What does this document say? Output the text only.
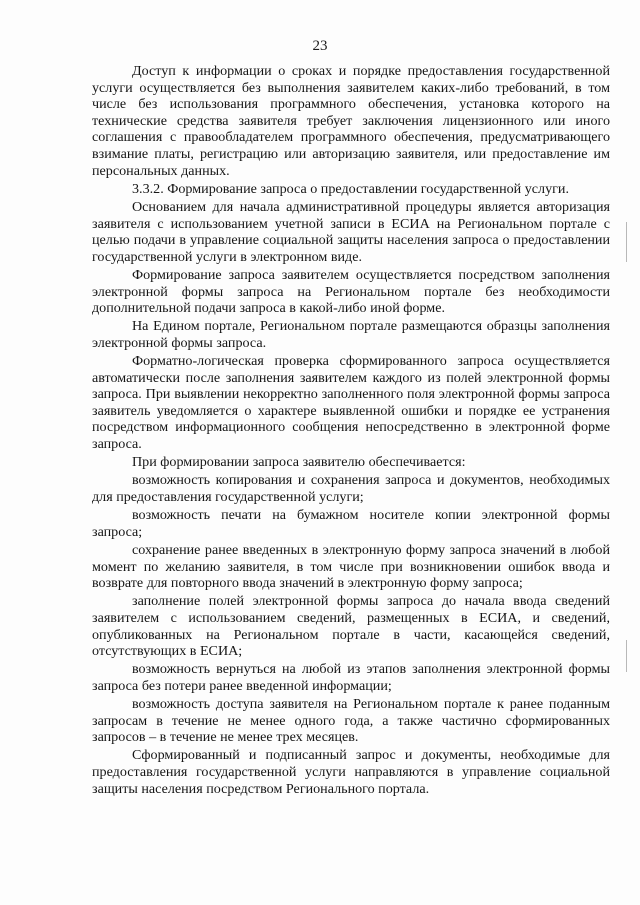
23

Доступ к информации о сроках и порядке предоставления государственной услуги осуществляется без выполнения заявителем каких-либо требований, в том числе без использования программного обеспечения, установка которого на технические средства заявителя требует заключения лицензионного или иного соглашения с правообладателем программного обеспечения, предусматривающего взимание платы, регистрацию или авторизацию заявителя, или предоставление им персональных данных.

3.3.2. Формирование запроса о предоставлении государственной услуги.

Основанием для начала административной процедуры является авторизация заявителя с использованием учетной записи в ЕСИА на Региональном портале с целью подачи в управление социальной защиты населения запроса о предоставлении государственной услуги в электронном виде.

Формирование запроса заявителем осуществляется посредством заполнения электронной формы запроса на Региональном портале без необходимости дополнительной подачи запроса в какой-либо иной форме.

На Едином портале, Региональном портале размещаются образцы заполнения электронной формы запроса.

Форматно-логическая проверка сформированного запроса осуществляется автоматически после заполнения заявителем каждого из полей электронной формы запроса. При выявлении некорректно заполненного поля электронной формы запроса заявитель уведомляется о характере выявленной ошибки и порядке ее устранения посредством информационного сообщения непосредственно в электронной форме запроса.

При формировании запроса заявителю обеспечивается:

возможность копирования и сохранения запроса и документов, необходимых для предоставления государственной услуги;

возможность печати на бумажном носителе копии электронной формы запроса;

сохранение ранее введенных в электронную форму запроса значений в любой момент по желанию заявителя, в том числе при возникновении ошибок ввода и возврате для повторного ввода значений в электронную форму запроса;

заполнение полей электронной формы запроса до начала ввода сведений заявителем с использованием сведений, размещенных в ЕСИА, и сведений, опубликованных на Региональном портале в части, касающейся сведений, отсутствующих в ЕСИА;

возможность вернуться на любой из этапов заполнения электронной формы запроса без потери ранее введенной информации;

возможность доступа заявителя на Региональном портале к ранее поданным запросам в течение не менее одного года, а также частично сформированных запросов – в течение не менее трех месяцев.

Сформированный и подписанный запрос и документы, необходимые для предоставления государственной услуги направляются в управление социальной защиты населения посредством Регионального портала.
